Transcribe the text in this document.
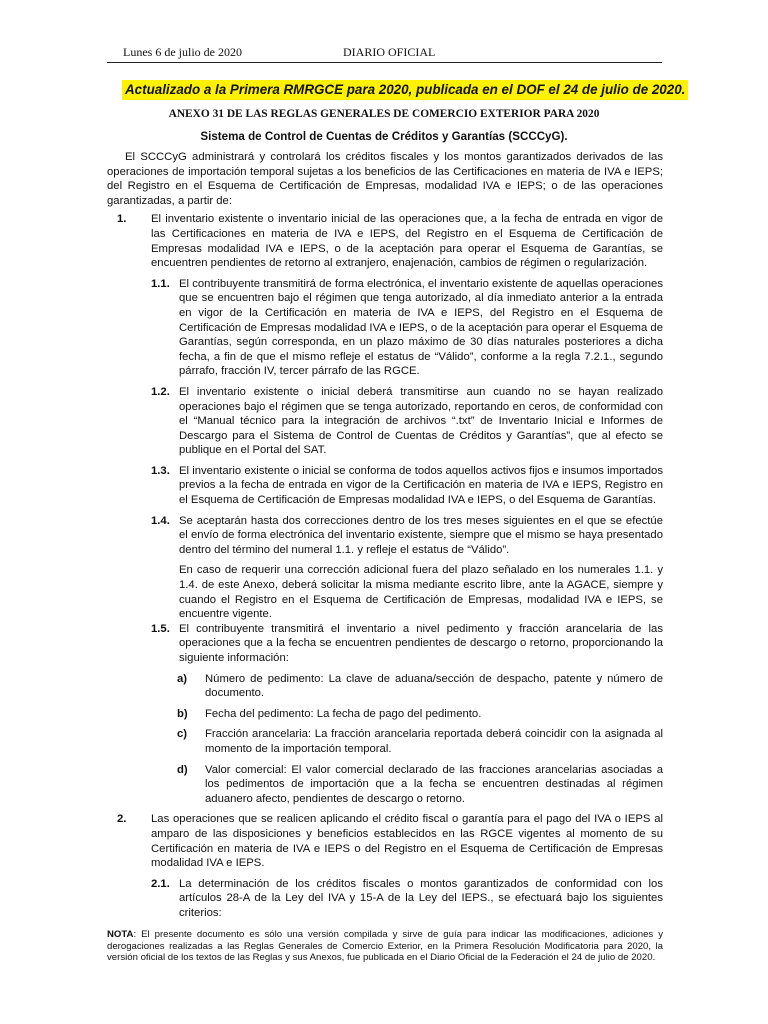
Lunes 6 de julio de 2020	DIARIO OFICIAL
Actualizado a la Primera RMRGCE para 2020, publicada en el DOF el 24 de julio de 2020.
ANEXO 31 DE LAS REGLAS GENERALES DE COMERCIO EXTERIOR PARA 2020
Sistema de Control de Cuentas de Créditos y Garantías (SCCCyG).

El SCCCyG administrará y controlará los créditos fiscales y los montos garantizados derivados de las operaciones de importación temporal sujetas a los beneficios de las Certificaciones en materia de IVA e IEPS; del Registro en el Esquema de Certificación de Empresas, modalidad IVA e IEPS; o de las operaciones garantizadas, a partir de:

1. El inventario existente o inventario inicial de las operaciones que, a la fecha de entrada en vigor de las Certificaciones en materia de IVA e IEPS, del Registro en el Esquema de Certificación de Empresas modalidad IVA e IEPS, o de la aceptación para operar el Esquema de Garantías, se encuentren pendientes de retorno al extranjero, enajenación, cambios de régimen o regularización.

1.1. El contribuyente transmitirá de forma electrónica, el inventario existente de aquellas operaciones que se encuentren bajo el régimen que tenga autorizado, al día inmediato anterior a la entrada en vigor de la Certificación en materia de IVA e IEPS, del Registro en el Esquema de Certificación de Empresas modalidad IVA e IEPS, o de la aceptación para operar el Esquema de Garantías, según corresponda, en un plazo máximo de 30 días naturales posteriores a dicha fecha, a fin de que el mismo refleje el estatus de “Válido”, conforme a la regla 7.2.1., segundo párrafo, fracción IV, tercer párrafo de las RGCE.

1.2. El inventario existente o inicial deberá transmitirse aun cuando no se hayan realizado operaciones bajo el régimen que se tenga autorizado, reportando en ceros, de conformidad con el “Manual técnico para la integración de archivos “.txt” de Inventario Inicial e Informes de Descargo para el Sistema de Control de Cuentas de Créditos y Garantías”, que al efecto se publique en el Portal del SAT.

1.3. El inventario existente o inicial se conforma de todos aquellos activos fijos e insumos importados previos a la fecha de entrada en vigor de la Certificación en materia de IVA e IEPS, Registro en el Esquema de Certificación de Empresas modalidad IVA e IEPS, o del Esquema de Garantías.

1.4. Se aceptarán hasta dos correcciones dentro de los tres meses siguientes en el que se efectúe el envío de forma electrónica del inventario existente, siempre que el mismo se haya presentado dentro del término del numeral 1.1. y refleje el estatus de “Válido”.

En caso de requerir una corrección adicional fuera del plazo señalado en los numerales 1.1. y 1.4. de este Anexo, deberá solicitar la misma mediante escrito libre, ante la AGACE, siempre y cuando el Registro en el Esquema de Certificación de Empresas, modalidad IVA e IEPS, se encuentre vigente.

1.5. El contribuyente transmitirá el inventario a nivel pedimento y fracción arancelaria de las operaciones que a la fecha se encuentren pendientes de descargo o retorno, proporcionando la siguiente información:

a) Número de pedimento: La clave de aduana/sección de despacho, patente y número de documento.

b) Fecha del pedimento: La fecha de pago del pedimento.

c) Fracción arancelaria: La fracción arancelaria reportada deberá coincidir con la asignada al momento de la importación temporal.

d) Valor comercial: El valor comercial declarado de las fracciones arancelarias asociadas a los pedimentos de importación que a la fecha se encuentren destinadas al régimen aduanero afecto, pendientes de descargo o retorno.

2. Las operaciones que se realicen aplicando el crédito fiscal o garantía para el pago del IVA o IEPS al amparo de las disposiciones y beneficios establecidos en las RGCE vigentes al momento de su Certificación en materia de IVA e IEPS o del Registro en el Esquema de Certificación de Empresas modalidad IVA e IEPS.

2.1. La determinación de los créditos fiscales o montos garantizados de conformidad con los artículos 28-A de la Ley del IVA y 15-A de la Ley del IEPS., se efectuará bajo los siguientes criterios:

NOTA: El presente documento es sólo una versión compilada y sirve de guía para indicar las modificaciones, adiciones y derogaciones realizadas a las Reglas Generales de Comercio Exterior, en la Primera Resolución Modificatoria para 2020, la versión oficial de los textos de las Reglas y sus Anexos, fue publicada en el Diario Oficial de la Federación el 24 de julio de 2020.
